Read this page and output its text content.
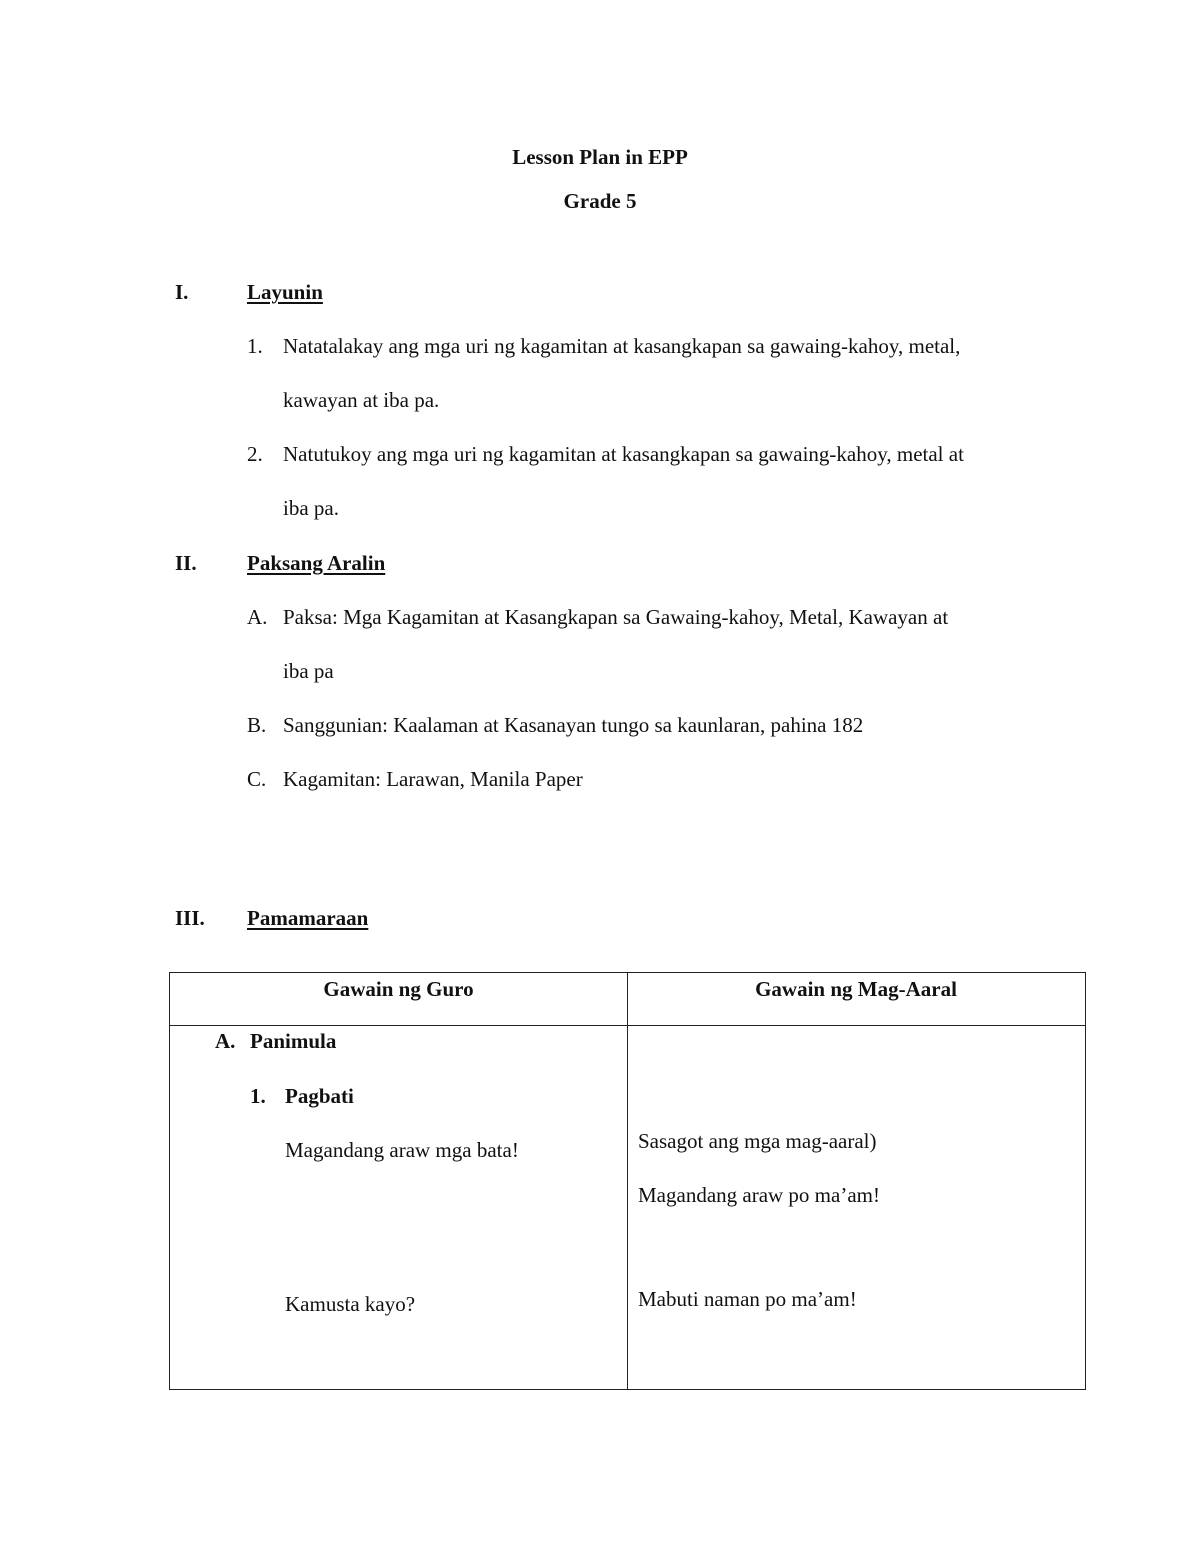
Lesson Plan in EPP
Grade 5
I.	Layunin
1. Natatalakay ang mga uri ng kagamitan at kasangkapan sa gawaing-kahoy, metal,
kawayan at iba pa.
2. Natutukoy ang mga uri ng kagamitan at kasangkapan sa gawaing-kahoy, metal at
iba pa.
II. Paksang Aralin
A. Paksa: Mga Kagamitan at Kasangkapan sa Gawaing-kahoy, Metal, Kawayan at
iba pa
B. Sanggunian: Kaalaman at Kasanayan tungo sa kaunlaran, pahina 182
C. Kagamitan: Larawan, Manila Paper
III. Pamamaraan
Gawain ng Guro	Gawain ng Mag-Aaral
A. Panimula
1. Pagbati
Magandang araw mga bata!
Kamusta kayo?
Sasagot ang mga mag-aaral)
Magandang araw po ma’am!
Mabuti naman po ma’am!
